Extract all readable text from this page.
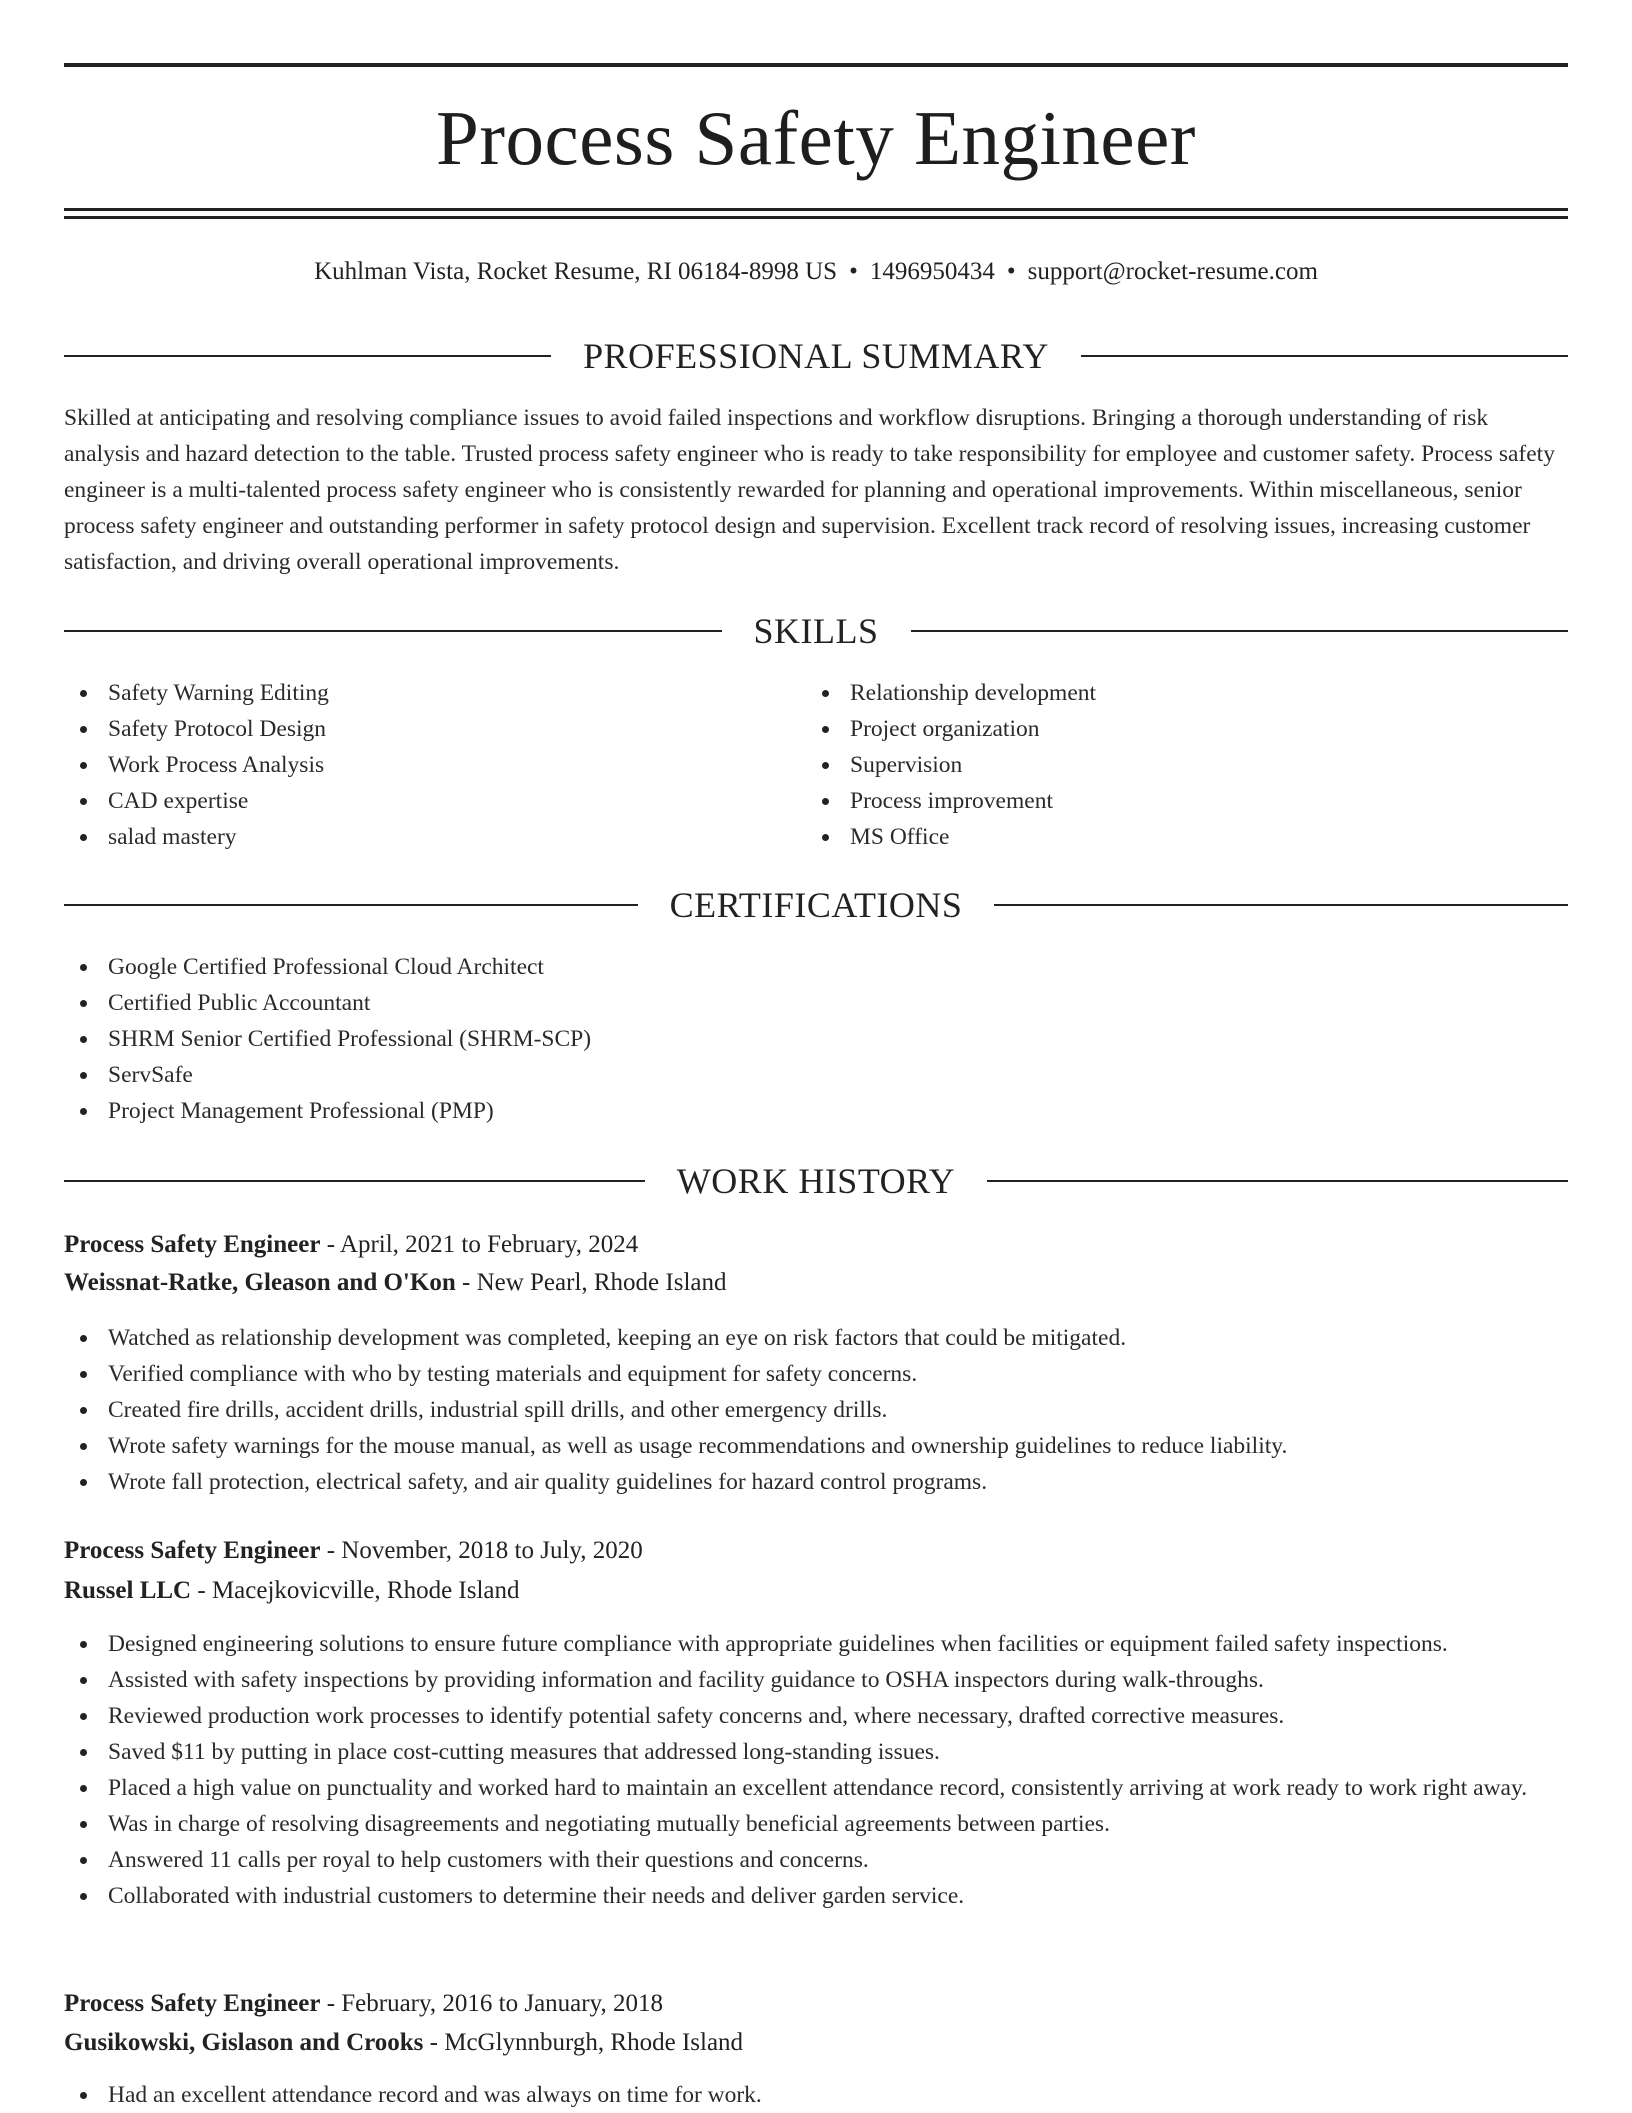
Process Safety Engineer
Kuhlman Vista, Rocket Resume, RI 06184-8998 US • 1496950434 • support@rocket-resume.com
PROFESSIONAL SUMMARY

Skilled at anticipating and resolving compliance issues to avoid failed inspections and workflow disruptions. Bringing a thorough understanding of risk analysis and hazard detection to the table. Trusted process safety engineer who is ready to take responsibility for employee and customer safety. Process safety engineer is a multi-talented process safety engineer who is consistently rewarded for planning and operational improvements. Within miscellaneous, senior process safety engineer and outstanding performer in safety protocol design and supervision. Excellent track record of resolving issues, increasing customer satisfaction, and driving overall operational improvements.

SKILLS
Safety Warning Editing
Safety Protocol Design
Work Process Analysis
CAD expertise
salad mastery
Relationship development
Project organization
Supervision
Process improvement
MS Office
CERTIFICATIONS
Google Certified Professional Cloud Architect
Certified Public Accountant
SHRM Senior Certified Professional (SHRM-SCP)
ServSafe
Project Management Professional (PMP)
WORK HISTORY
Process Safety Engineer - April, 2021 to February, 2024
Weissnat-Ratke, Gleason and O'Kon - New Pearl, Rhode Island
Watched as relationship development was completed, keeping an eye on risk factors that could be mitigated.
Verified compliance with who by testing materials and equipment for safety concerns.
Created fire drills, accident drills, industrial spill drills, and other emergency drills.
Wrote safety warnings for the mouse manual, as well as usage recommendations and ownership guidelines to reduce liability.
Wrote fall protection, electrical safety, and air quality guidelines for hazard control programs.
Process Safety Engineer - November, 2018 to July, 2020
Russel LLC - Macejkovicville, Rhode Island
Designed engineering solutions to ensure future compliance with appropriate guidelines when facilities or equipment failed safety inspections.
Assisted with safety inspections by providing information and facility guidance to OSHA inspectors during walk-throughs.
Reviewed production work processes to identify potential safety concerns and, where necessary, drafted corrective measures.
Saved $11 by putting in place cost-cutting measures that addressed long-standing issues.
Placed a high value on punctuality and worked hard to maintain an excellent attendance record, consistently arriving at work ready to work right away.
Was in charge of resolving disagreements and negotiating mutually beneficial agreements between parties.
Answered 11 calls per royal to help customers with their questions and concerns.
Collaborated with industrial customers to determine their needs and deliver garden service.
Process Safety Engineer - February, 2016 to January, 2018
Gusikowski, Gislason and Crooks - McGlynnburgh, Rhode Island
Had an excellent attendance record and was always on time for work.
